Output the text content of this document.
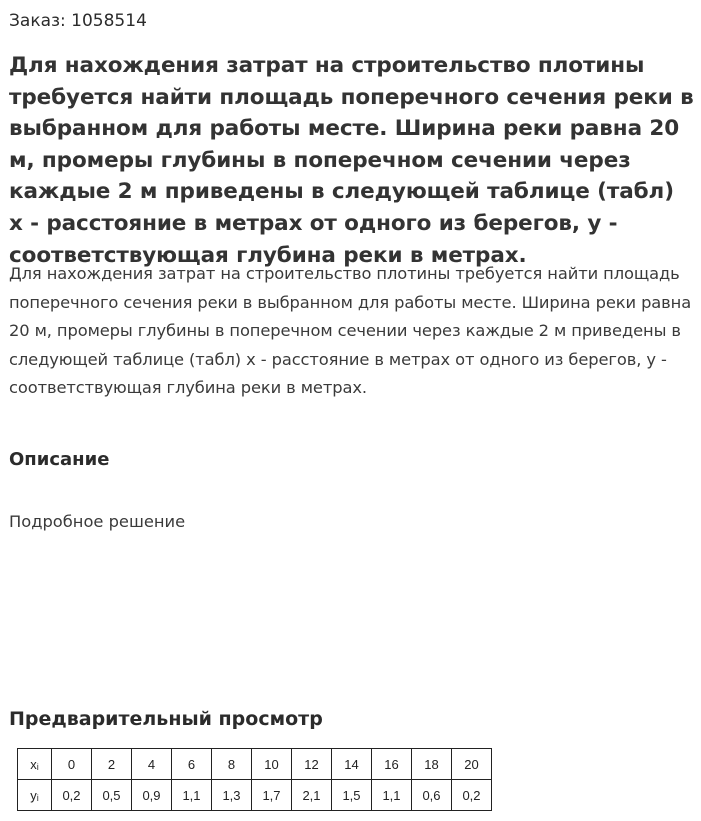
Заказ: 1058514
Для нахождения затрат на строительство плотины требуется найти площадь поперечного сечения реки в выбранном для работы месте. Ширина реки равна 20 м, промеры глубины в поперечном сечении через каждые 2 м приведены в следующей таблице (табл) x - расстояние в метрах от одного из берегов, y - соответствующая глубина реки в метрах.

Для нахождения затрат на строительство плотины требуется найти площадь поперечного сечения реки в выбранном для работы месте. Ширина реки равна 20 м, промеры глубины в поперечном сечении через каждые 2 м приведены в следующей таблице (табл) x - расстояние в метрах от одного из берегов, y - соответствующая глубина реки в метрах.

Описание

Подробное решение

Предварительный просмотр
xᵢ	0	2	4	6	8	10	12	14	16	18	20
yᵢ	0,2	0,5	0,9	1,1	1,3	1,7	2,1	1,5	1,1	0,6	0,2
